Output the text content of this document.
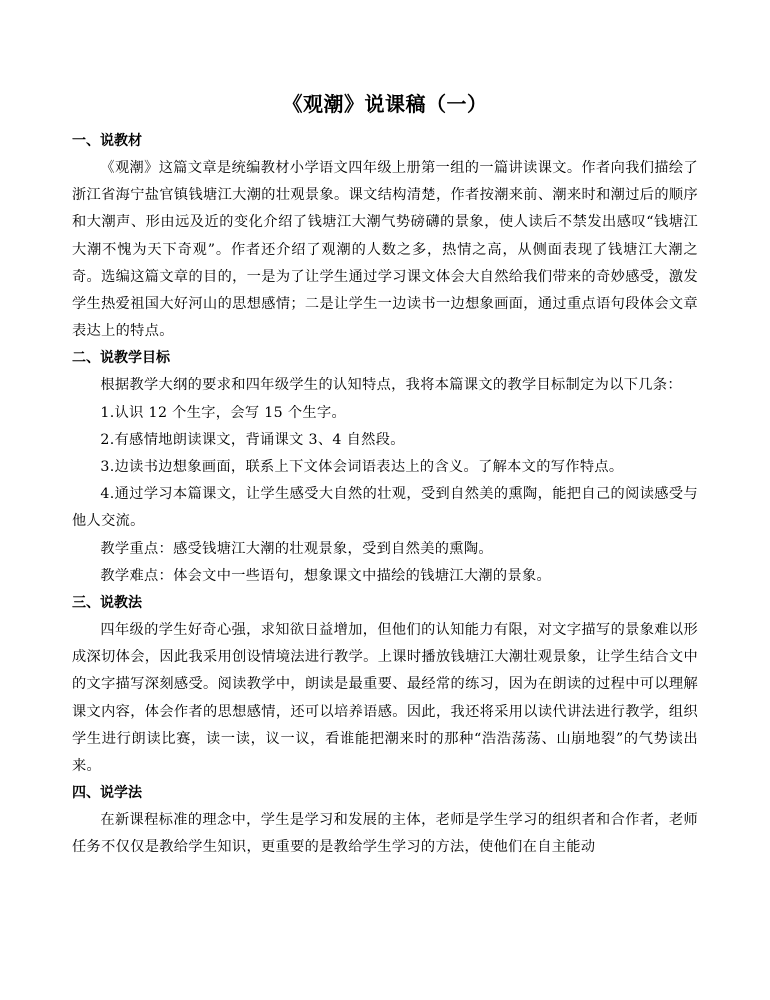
《观潮》说课稿（一）
一、说教材

《观潮》这篇文章是统编教材小学语文四年级上册第一组的一篇讲读课文。作者向我们描绘了浙江省海宁盐官镇钱塘江大潮的壮观景象。课文结构清楚，作者按潮来前、潮来时和潮过后的顺序和大潮声、形由远及近的变化介绍了钱塘江大潮气势磅礴的景象，使人读后不禁发出感叹“钱塘江大潮不愧为天下奇观”。作者还介绍了观潮的人数之多，热情之高，从侧面表现了钱塘江大潮之奇。选编这篇文章的目的，一是为了让学生通过学习课文体会大自然给我们带来的奇妙感受，激发学生热爱祖国大好河山的思想感情；二是让学生一边读书一边想象画面，通过重点语句段体会文章表达上的特点。

二、说教学目标

根据教学大纲的要求和四年级学生的认知特点，我将本篇课文的教学目标制定为以下几条：

1.认识 12 个生字，会写 15 个生字。

2.有感情地朗读课文，背诵课文 3、4 自然段。

3.边读书边想象画面，联系上下文体会词语表达上的含义。了解本文的写作特点。

4.通过学习本篇课文，让学生感受大自然的壮观，受到自然美的熏陶，能把自己的阅读感受与他人交流。

教学重点：感受钱塘江大潮的壮观景象，受到自然美的熏陶。

教学难点：体会文中一些语句，想象课文中描绘的钱塘江大潮的景象。

三、说教法

四年级的学生好奇心强，求知欲日益增加，但他们的认知能力有限，对文字描写的景象难以形成深切体会，因此我采用创设情境法进行教学。上课时播放钱塘江大潮壮观景象，让学生结合文中的文字描写深刻感受。阅读教学中，朗读是最重要、最经常的练习，因为在朗读的过程中可以理解课文内容，体会作者的思想感情，还可以培养语感。因此，我还将采用以读代讲法进行教学，组织学生进行朗读比赛，读一读，议一议，看谁能把潮来时的那种“浩浩荡荡、山崩地裂”的气势读出来。

四、说学法

在新课程标准的理念中，学生是学习和发展的主体，老师是学生学习的组织者和合作者，老师任务不仅仅是教给学生知识，更重要的是教给学生学习的方法，使他们在自主能动
